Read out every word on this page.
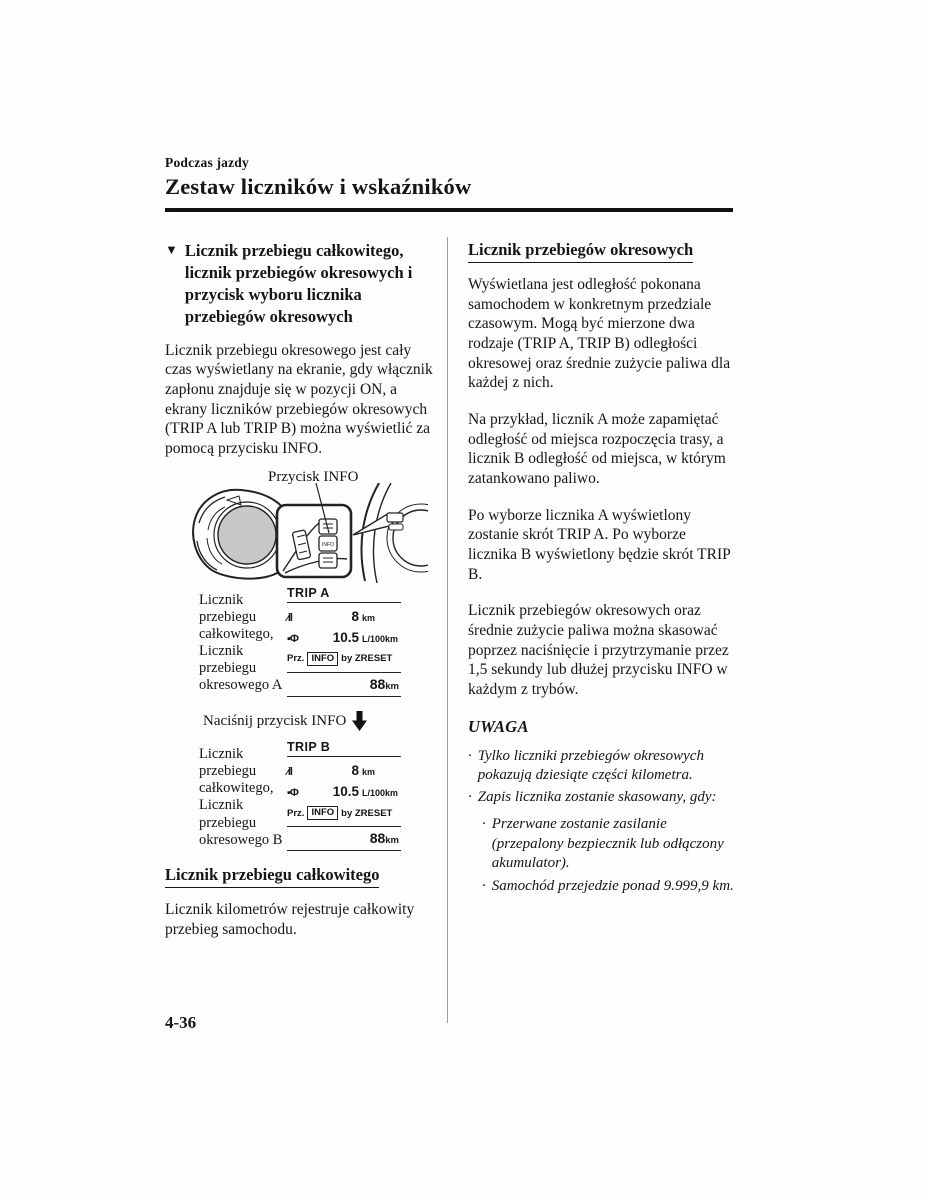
Podczas jazdy
Zestaw liczników i wskaźników
▼ Licznik przebiegu całkowitego, licznik przebiegów okresowych i przycisk wyboru licznika przebiegów okresowych

Licznik przebiegu okresowego jest cały czas wyświetlany na ekranie, gdy włącznik zapłonu znajduje się w pozycji ON, a ekrany liczników przebiegów okresowych (TRIP A lub TRIP B) można wyświetlić za pomocą przycisku INFO.

Przycisk INFO
INFO
Licznik przebiegu całkowitego, Licznik przebiegu okresowego A
TRIP A
⁄il	8 km
▪Φ	10.5 L/100km
Prz. INFO by ZRESET
88km
Naciśnij przycisk INFO
Licznik przebiegu całkowitego, Licznik przebiegu okresowego B
TRIP B
⁄il	8 km
▪Φ	10.5 L/100km
Prz. INFO by ZRESET
88km
Licznik przebiegu całkowitego

Licznik kilometrów rejestruje całkowity przebieg samochodu.

Licznik przebiegów okresowych

Wyświetlana jest odległość pokonana samochodem w konkretnym przedziale czasowym. Mogą być mierzone dwa rodzaje (TRIP A, TRIP B) odległości okresowej oraz średnie zużycie paliwa dla każdej z nich.

Na przykład, licznik A może zapamiętać odległość od miejsca rozpoczęcia trasy, a licznik B odległość od miejsca, w którym zatankowano paliwo.

Po wyborze licznika A wyświetlony zostanie skrót TRIP A. Po wyborze licznika B wyświetlony będzie skrót TRIP B.

Licznik przebiegów okresowych oraz średnie zużycie paliwa można skasować poprzez naciśnięcie i przytrzymanie przez 1,5 sekundy lub dłużej przycisku INFO w każdym z trybów.

UWAGA
· Tylko liczniki przebiegów okresowych pokazują dziesiąte części kilometra.
· Zapis licznika zostanie skasowany, gdy:
· Przerwane zostanie zasilanie (przepalony bezpiecznik lub odłączony akumulator).
· Samochód przejedzie ponad 9.999,9 km.
4-36
